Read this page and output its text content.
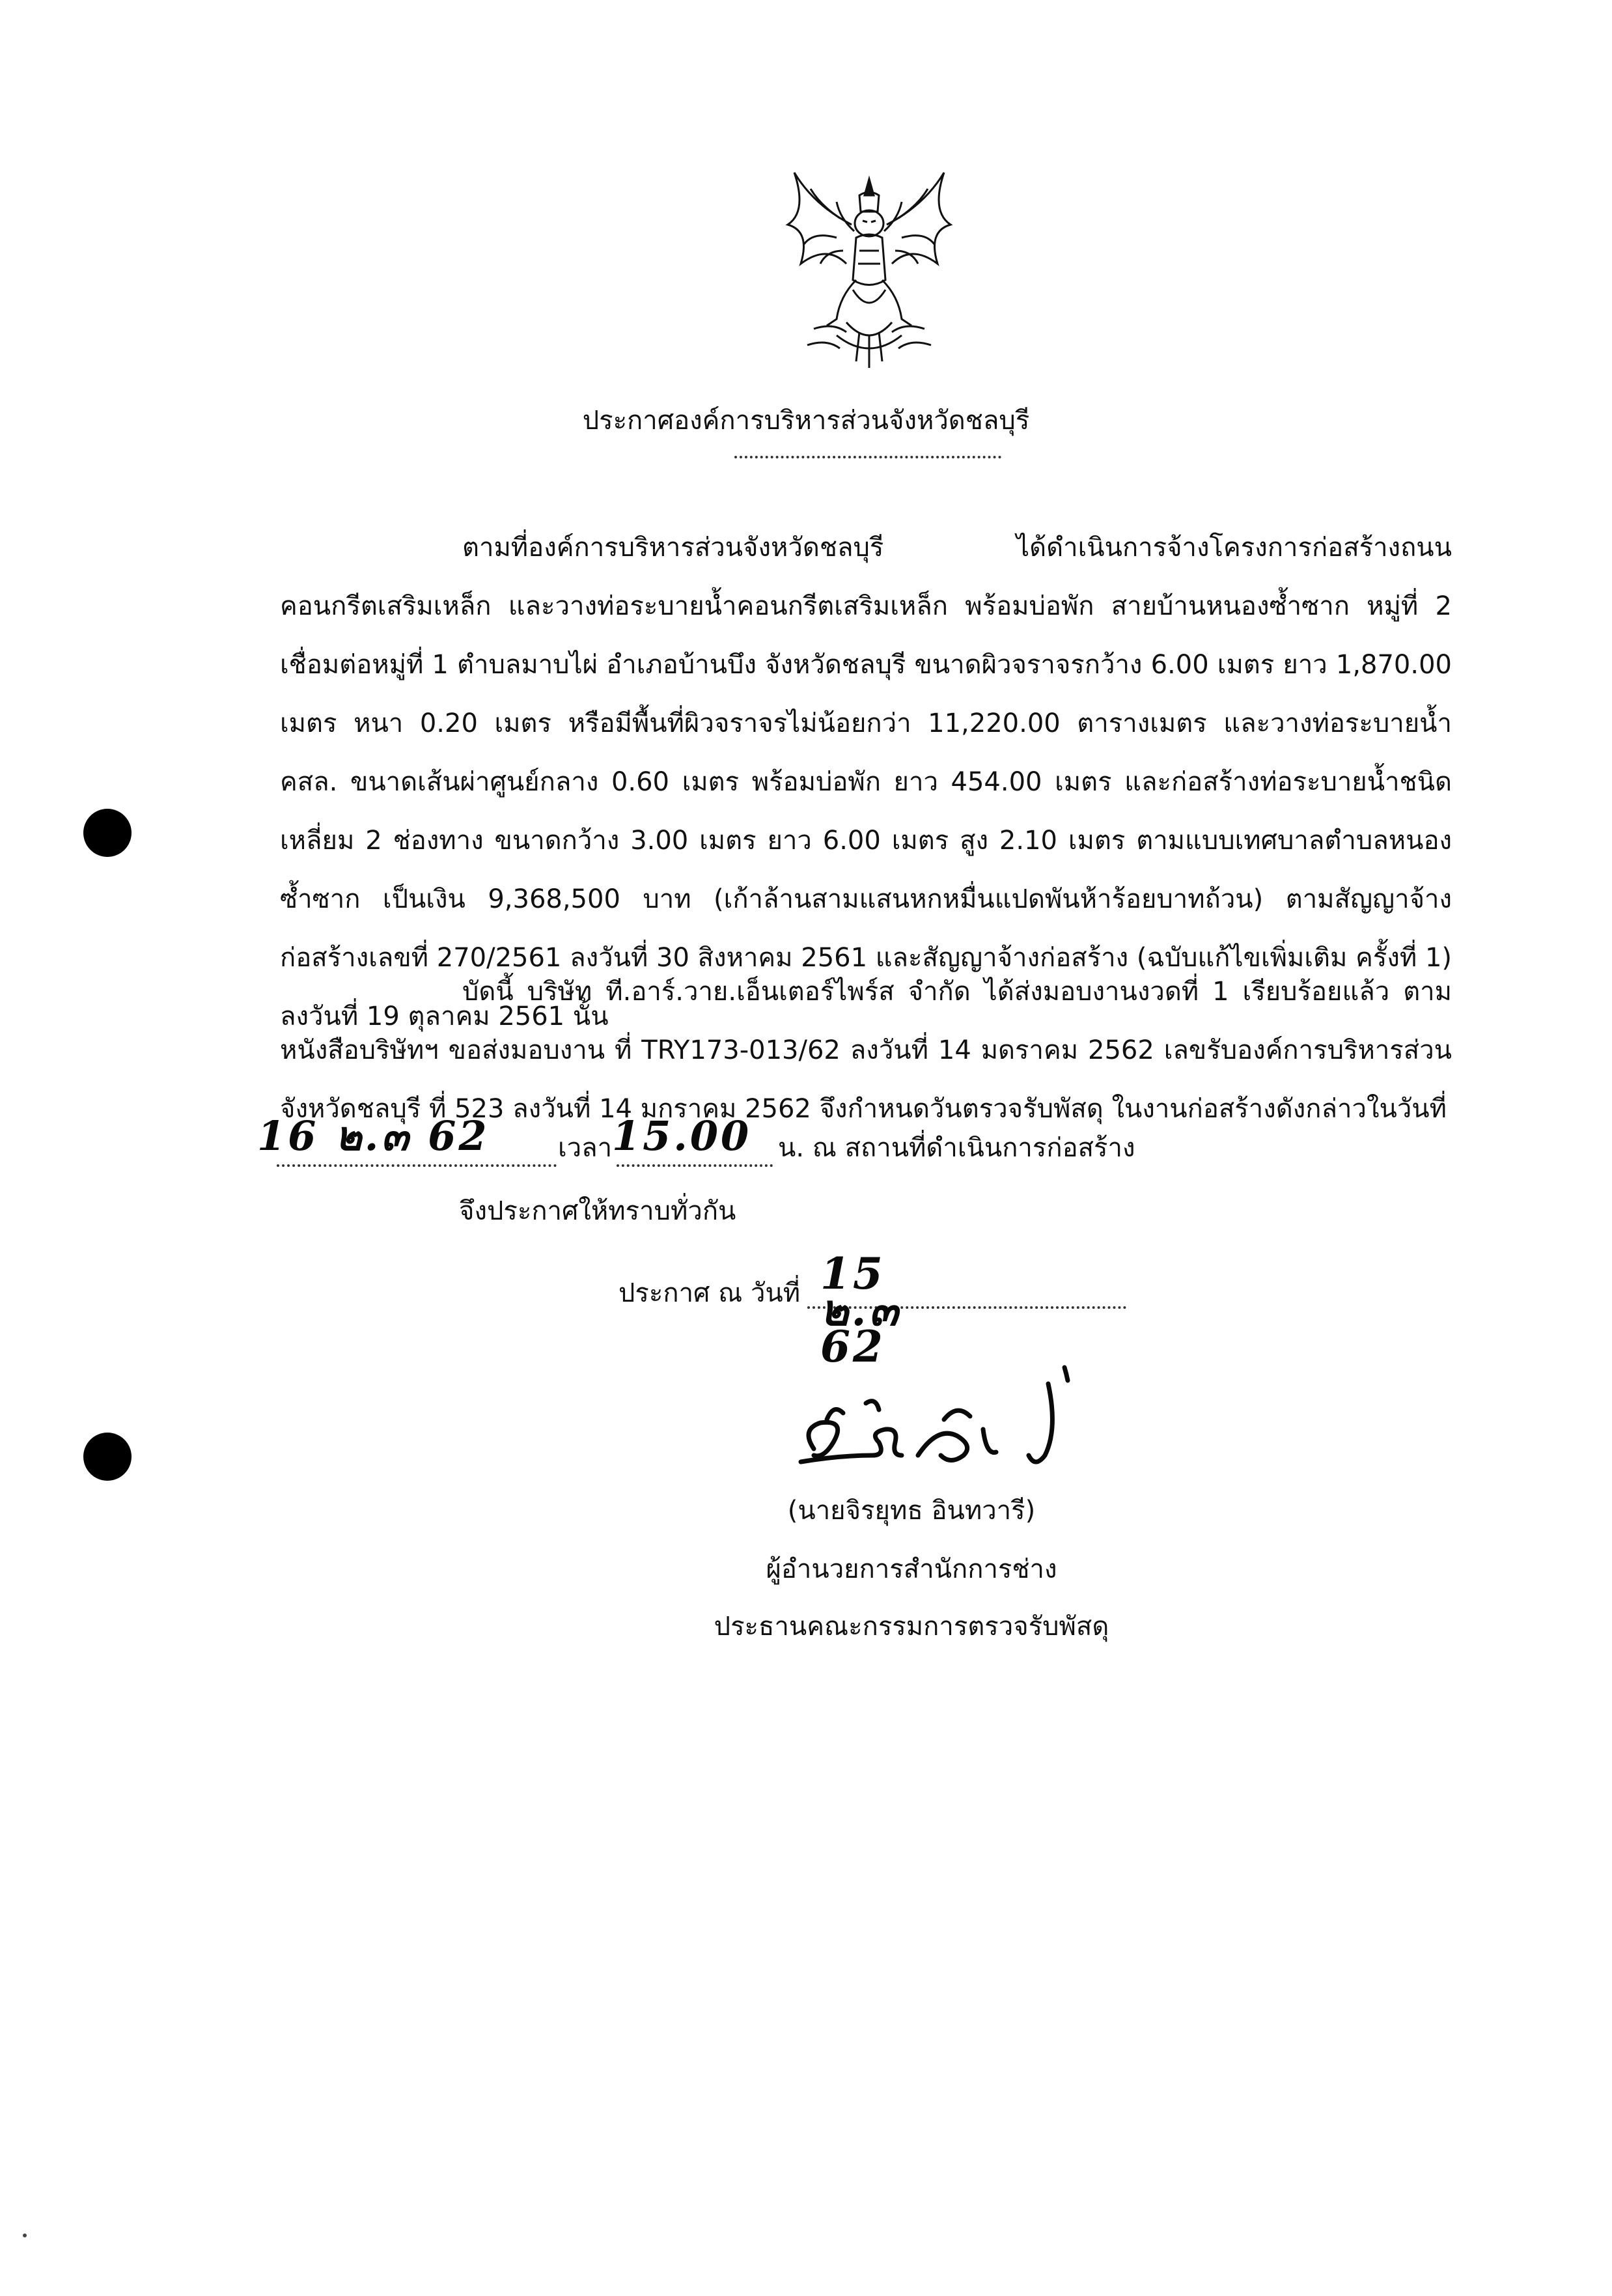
ประกาศองค์การบริหารส่วนจังหวัดชลบุรี
ตามที่องค์การบริหารส่วนจังหวัดชลบุรี ได้ดำเนินการจ้างโครงการก่อสร้างถนนคอนกรีตเสริมเหล็ก และวางท่อระบายน้ำคอนกรีตเสริมเหล็ก พร้อมบ่อพัก สายบ้านหนองซ้ำซาก หมู่ที่ 2 เชื่อมต่อหมู่ที่ 1 ตำบลมาบไผ่ อำเภอบ้านบึง จังหวัดชลบุรี ขนาดผิวจราจรกว้าง 6.00 เมตร ยาว 1,870.00 เมตร หนา 0.20 เมตร หรือมีพื้นที่ผิวจราจรไม่น้อยกว่า 11,220.00 ตารางเมตร และวางท่อระบายน้ำ คสล. ขนาดเส้นผ่าศูนย์กลาง 0.60 เมตร พร้อมบ่อพัก ยาว 454.00 เมตร และก่อสร้างท่อระบายน้ำชนิดเหลี่ยม 2 ช่องทาง ขนาดกว้าง 3.00 เมตร ยาว 6.00 เมตร สูง 2.10 เมตร ตามแบบเทศบาลตำบลหนองซ้ำซาก เป็นเงิน 9,368,500 บาท (เก้าล้านสามแสนหกหมื่นแปดพันห้าร้อยบาทถ้วน) ตามสัญญาจ้างก่อสร้างเลขที่ 270/2561 ลงวันที่ 30 สิงหาคม 2561 และสัญญาจ้างก่อสร้าง (ฉบับแก้ไขเพิ่มเติม ครั้งที่ 1) ลงวันที่ 19 ตุลาคม 2561 นั้น
บัดนี้ บริษัท ที.อาร์.วาย.เอ็นเตอร์ไพร์ส จำกัด ได้ส่งมอบงานงวดที่ 1 เรียบร้อยแล้ว ตามหนังสือบริษัทฯ ขอส่งมอบงาน ที่ TRY173-013/62 ลงวันที่ 14 มดราคม 2562 เลขรับองค์การบริหารส่วนจังหวัดชลบุรี ที่ 523 ลงวันที่ 14 มกราคม 2562 จึงกำหนดวันตรวจรับพัสดุ ในงานก่อสร้างดังกล่าวในวันที่
16 ๒.๓ 62	เวลา 15.00 น. ณ สถานที่ดำเนินการก่อสร้าง
จึงประกาศให้ทราบทั่วกัน
ประกาศ ณ วันที่ 15 ๒.๓ 62
(นายจิรยุทธ อินทวารี)
ผู้อำนวยการสำนักการช่าง
ประธานคณะกรรมการตรวจรับพัสดุ
